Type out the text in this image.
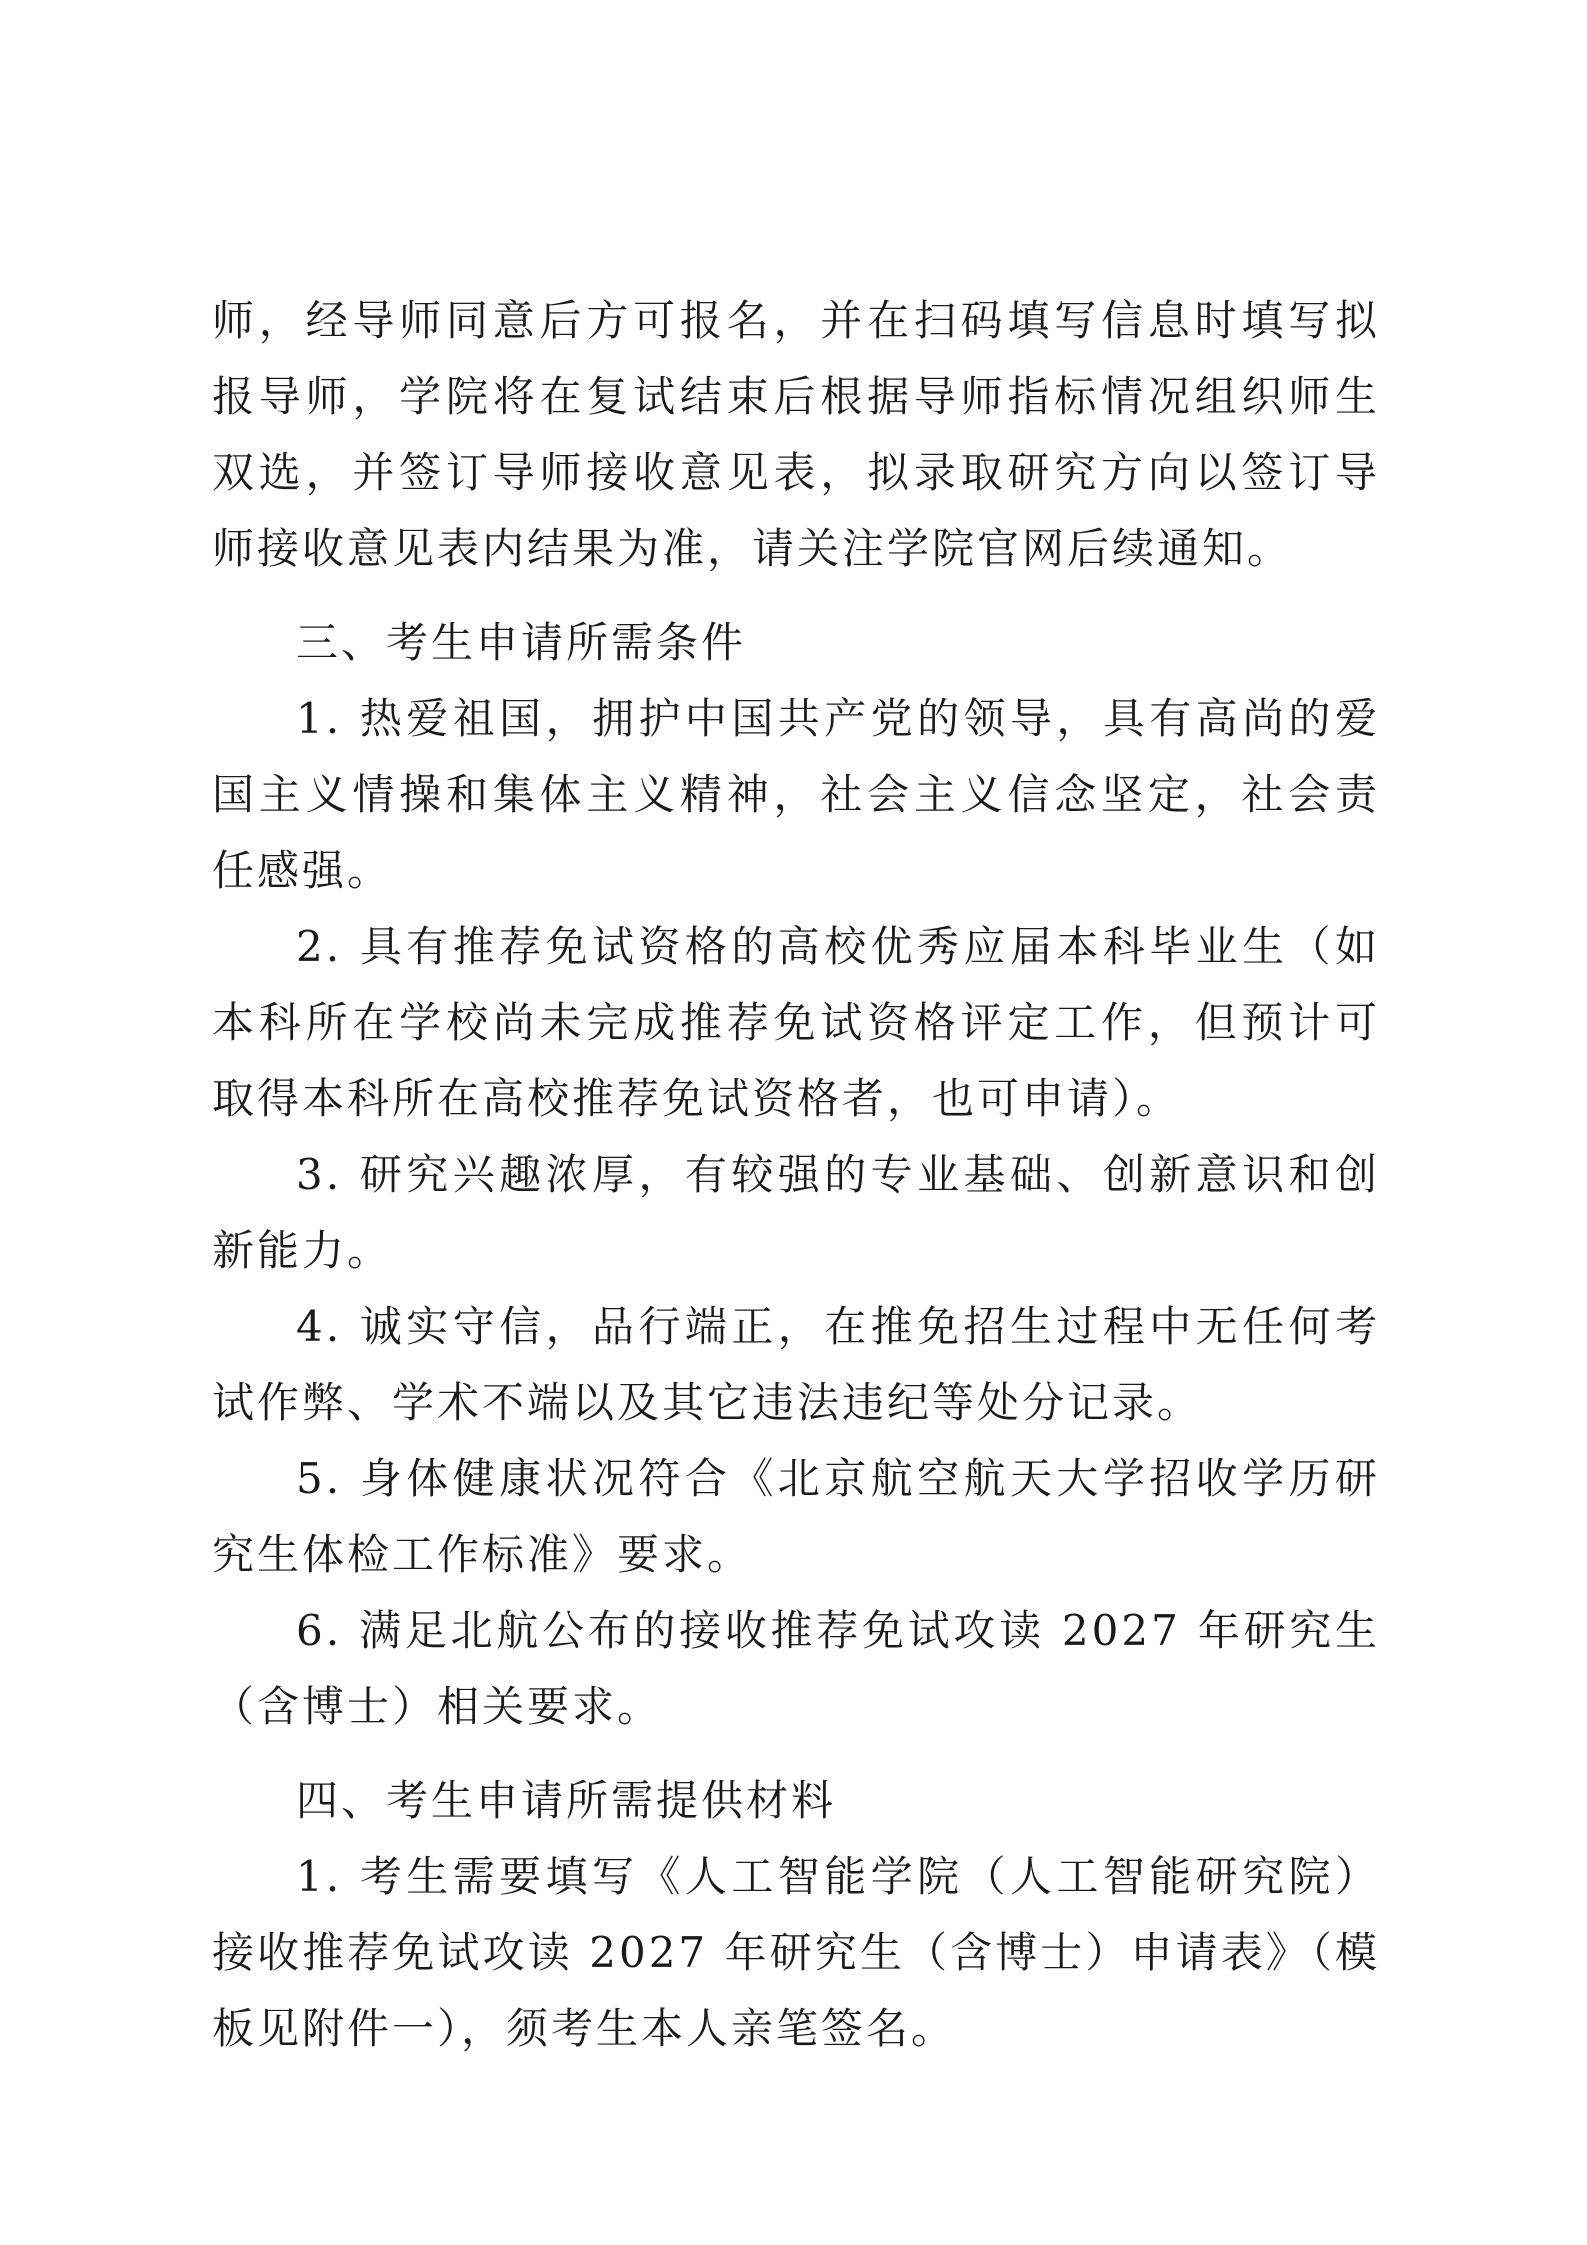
师，经导师同意后方可报名，并在扫码填写信息时填写拟报导师，学院将在复试结束后根据导师指标情况组织师生双选，并签订导师接收意见表，拟录取研究方向以签订导师接收意见表内结果为准，请关注学院官网后续通知。

三、考生申请所需条件

1. 热爱祖国，拥护中国共产党的领导，具有高尚的爱国主义情操和集体主义精神，社会主义信念坚定，社会责任感强。

2. 具有推荐免试资格的高校优秀应届本科毕业生（如本科所在学校尚未完成推荐免试资格评定工作，但预计可取得本科所在高校推荐免试资格者，也可申请）。

3. 研究兴趣浓厚，有较强的专业基础、创新意识和创新能力。

4. 诚实守信，品行端正，在推免招生过程中无任何考试作弊、学术不端以及其它违法违纪等处分记录。

5. 身体健康状况符合《北京航空航天大学招收学历研究生体检工作标准》要求。

6. 满足北航公布的接收推荐免试攻读 2027 年研究生（含博士）相关要求。

四、考生申请所需提供材料

1. 考生需要填写《人工智能学院（人工智能研究院）接收推荐免试攻读 2027 年研究生（含博士）申请表》（模板见附件一），须考生本人亲笔签名。
